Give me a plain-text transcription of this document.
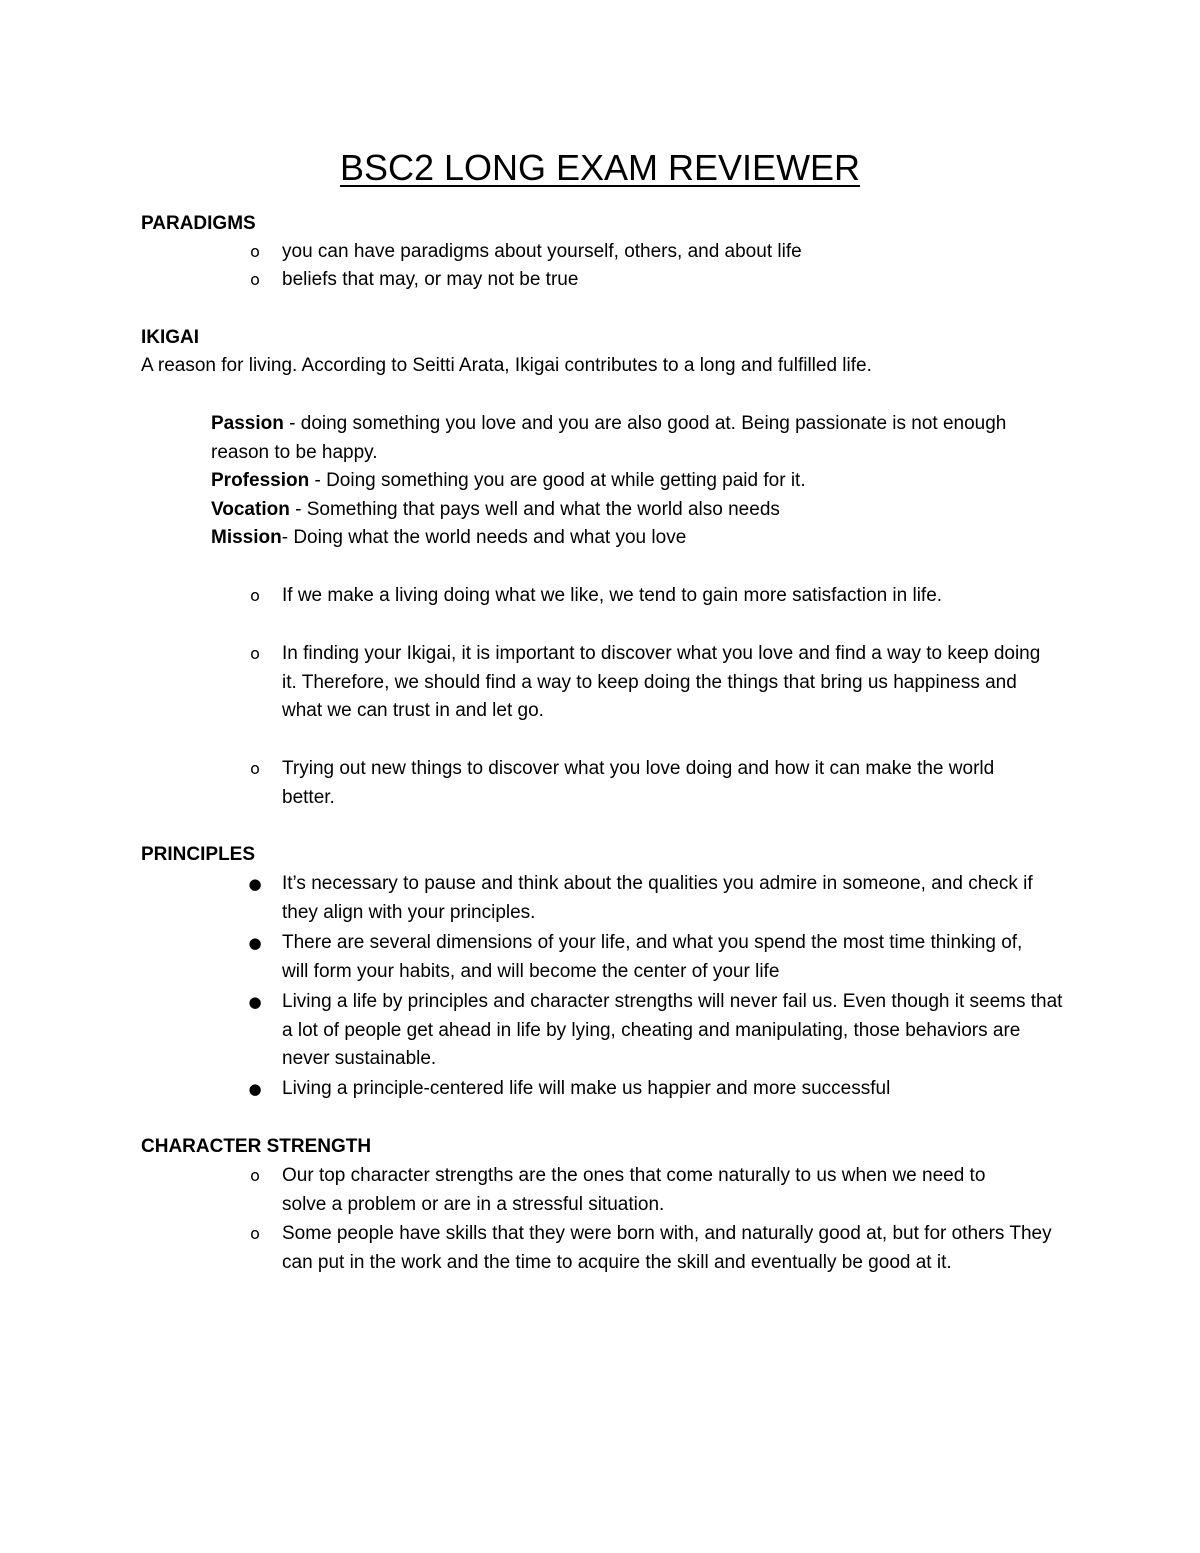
BSC2 LONG EXAM REVIEWER
PARADIGMS
o you can have paradigms about yourself, others, and about life
o beliefs that may, or may not be true
IKIGAI
A reason for living. According to Seitti Arata, Ikigai contributes to a long and fulfilled life.
Passion - doing something you love and you are also good at. Being passionate is not enough reason to be happy.
Profession - Doing something you are good at while getting paid for it.
Vocation - Something that pays well and what the world also needs
Mission- Doing what the world needs and what you love
o If we make a living doing what we like, we tend to gain more satisfaction in life.
o In finding your Ikigai, it is important to discover what you love and find a way to keep doing it. Therefore, we should find a way to keep doing the things that bring us happiness and what we can trust in and let go.
o Trying out new things to discover what you love doing and how it can make the world better.
PRINCIPLES
● It’s necessary to pause and think about the qualities you admire in someone, and check if they align with your principles.
● There are several dimensions of your life, and what you spend the most time thinking of, will form your habits, and will become the center of your life
● Living a life by principles and character strengths will never fail us. Even though it seems that a lot of people get ahead in life by lying, cheating and manipulating, those behaviors are never sustainable.
● Living a principle-centered life will make us happier and more successful
CHARACTER STRENGTH
o Our top character strengths are the ones that come naturally to us when we need to solve a problem or are in a stressful situation.
o Some people have skills that they were born with, and naturally good at, but for others They can put in the work and the time to acquire the skill and eventually be good at it.
